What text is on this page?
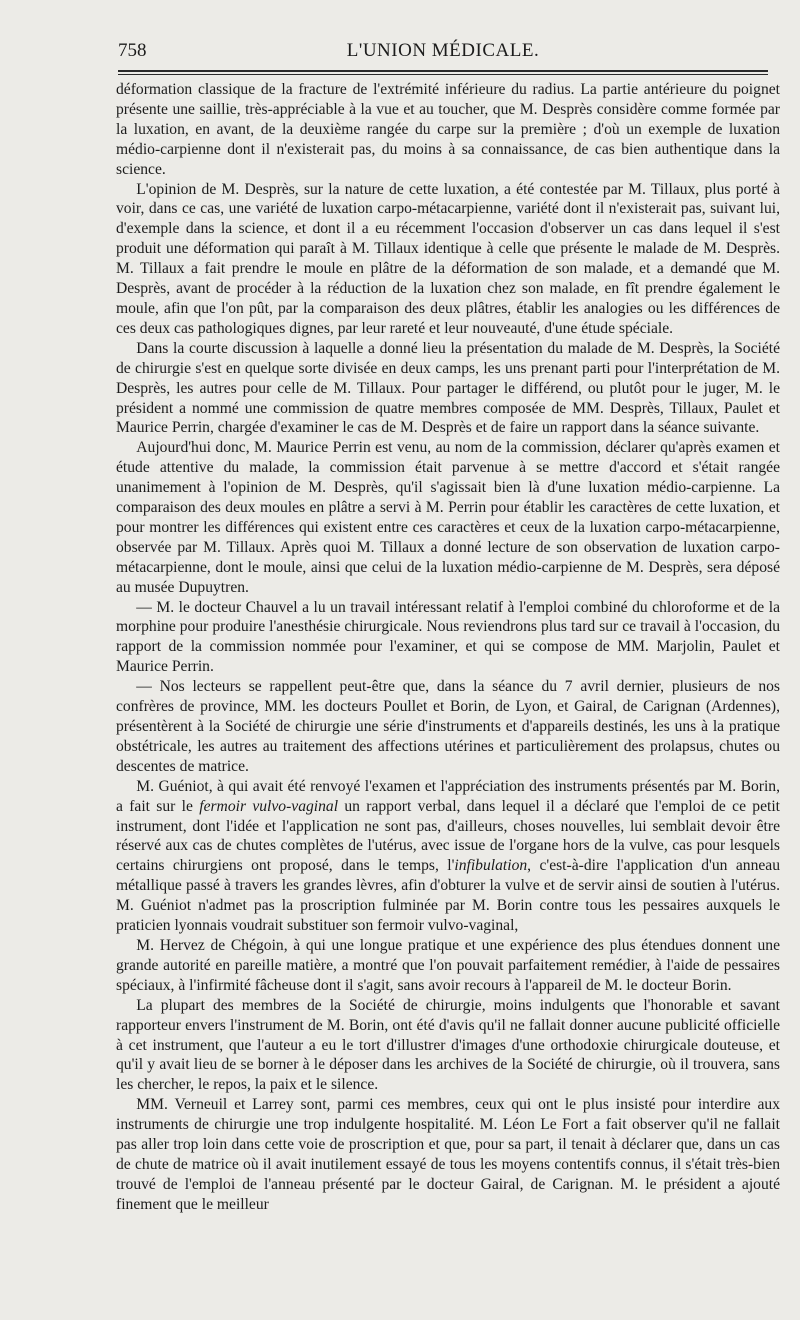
758	L'UNION MÉDICALE.

déformation classique de la fracture de l'extrémité inférieure du radius. La partie antérieure du poignet présente une saillie, très-appréciable à la vue et au toucher, que M. Desprès considère comme formée par la luxation, en avant, de la deuxième rangée du carpe sur la première ; d'où un exemple de luxation médio-carpienne dont il n'existerait pas, du moins à sa connaissance, de cas bien authentique dans la science.

L'opinion de M. Desprès, sur la nature de cette luxation, a été contestée par M. Tillaux, plus porté à voir, dans ce cas, une variété de luxation carpo-métacarpienne, variété dont il n'existerait pas, suivant lui, d'exemple dans la science, et dont il a eu récemment l'occasion d'observer un cas dans lequel il s'est produit une déformation qui paraît à M. Tillaux identique à celle que présente le malade de M. Desprès. M. Tillaux a fait prendre le moule en plâtre de la déformation de son malade, et a demandé que M. Desprès, avant de procéder à la réduction de la luxation chez son malade, en fît prendre également le moule, afin que l'on pût, par la comparaison des deux plâtres, établir les analogies ou les différences de ces deux cas pathologiques dignes, par leur rareté et leur nouveauté, d'une étude spéciale.

Dans la courte discussion à laquelle a donné lieu la présentation du malade de M. Desprès, la Société de chirurgie s'est en quelque sorte divisée en deux camps, les uns prenant parti pour l'interprétation de M. Desprès, les autres pour celle de M. Tillaux. Pour partager le différend, ou plutôt pour le juger, M. le président a nommé une commission de quatre membres composée de MM. Desprès, Tillaux, Paulet et Maurice Perrin, chargée d'examiner le cas de M. Desprès et de faire un rapport dans la séance suivante.

Aujourd'hui donc, M. Maurice Perrin est venu, au nom de la commission, déclarer qu'après examen et étude attentive du malade, la commission était parvenue à se mettre d'accord et s'était rangée unanimement à l'opinion de M. Desprès, qu'il s'agissait bien là d'une luxation médio-carpienne. La comparaison des deux moules en plâtre a servi à M. Perrin pour établir les caractères de cette luxation, et pour montrer les différences qui existent entre ces caractères et ceux de la luxation carpo-métacarpienne, observée par M. Tillaux. Après quoi M. Tillaux a donné lecture de son observation de luxation carpo-métacarpienne, dont le moule, ainsi que celui de la luxation médio-carpienne de M. Desprès, sera déposé au musée Dupuytren.

— M. le docteur Chauvel a lu un travail intéressant relatif à l'emploi combiné du chloroforme et de la morphine pour produire l'anesthésie chirurgicale. Nous reviendrons plus tard sur ce travail à l'occasion, du rapport de la commission nommée pour l'examiner, et qui se compose de MM. Marjolin, Paulet et Maurice Perrin.

— Nos lecteurs se rappellent peut-être que, dans la séance du 7 avril dernier, plusieurs de nos confrères de province, MM. les docteurs Poullet et Borin, de Lyon, et Gairal, de Carignan (Ardennes), présentèrent à la Société de chirurgie une série d'instruments et d'appareils destinés, les uns à la pratique obstétricale, les autres au traitement des affections utérines et particulièrement des prolapsus, chutes ou descentes de matrice.

M. Guéniot, à qui avait été renvoyé l'examen et l'appréciation des instruments présentés par M. Borin, a fait sur le fermoir vulvo-vaginal un rapport verbal, dans lequel il a déclaré que l'emploi de ce petit instrument, dont l'idée et l'application ne sont pas, d'ailleurs, choses nouvelles, lui semblait devoir être réservé aux cas de chutes complètes de l'utérus, avec issue de l'organe hors de la vulve, cas pour lesquels certains chirurgiens ont proposé, dans le temps, l'infibulation, c'est-à-dire l'application d'un anneau métallique passé à travers les grandes lèvres, afin d'obturer la vulve et de servir ainsi de soutien à l'utérus. M. Guéniot n'admet pas la proscription fulminée par M. Borin contre tous les pessaires auxquels le praticien lyonnais voudrait substituer son fermoir vulvo-vaginal,

M. Hervez de Chégoin, à qui une longue pratique et une expérience des plus étendues donnent une grande autorité en pareille matière, a montré que l'on pouvait parfaitement remédier, à l'aide de pessaires spéciaux, à l'infirmité fâcheuse dont il s'agit, sans avoir recours à l'appareil de M. le docteur Borin.

La plupart des membres de la Société de chirurgie, moins indulgents que l'honorable et savant rapporteur envers l'instrument de M. Borin, ont été d'avis qu'il ne fallait donner aucune publicité officielle à cet instrument, que l'auteur a eu le tort d'illustrer d'images d'une orthodoxie chirurgicale douteuse, et qu'il y avait lieu de se borner à le déposer dans les archives de la Société de chirurgie, où il trouvera, sans les chercher, le repos, la paix et le silence.

MM. Verneuil et Larrey sont, parmi ces membres, ceux qui ont le plus insisté pour interdire aux instruments de chirurgie une trop indulgente hospitalité. M. Léon Le Fort a fait observer qu'il ne fallait pas aller trop loin dans cette voie de proscription et que, pour sa part, il tenait à déclarer que, dans un cas de chute de matrice où il avait inutilement essayé de tous les moyens contentifs connus, il s'était très-bien trouvé de l'emploi de l'anneau présenté par le docteur Gairal, de Carignan. M. le président a ajouté finement que le meilleur
